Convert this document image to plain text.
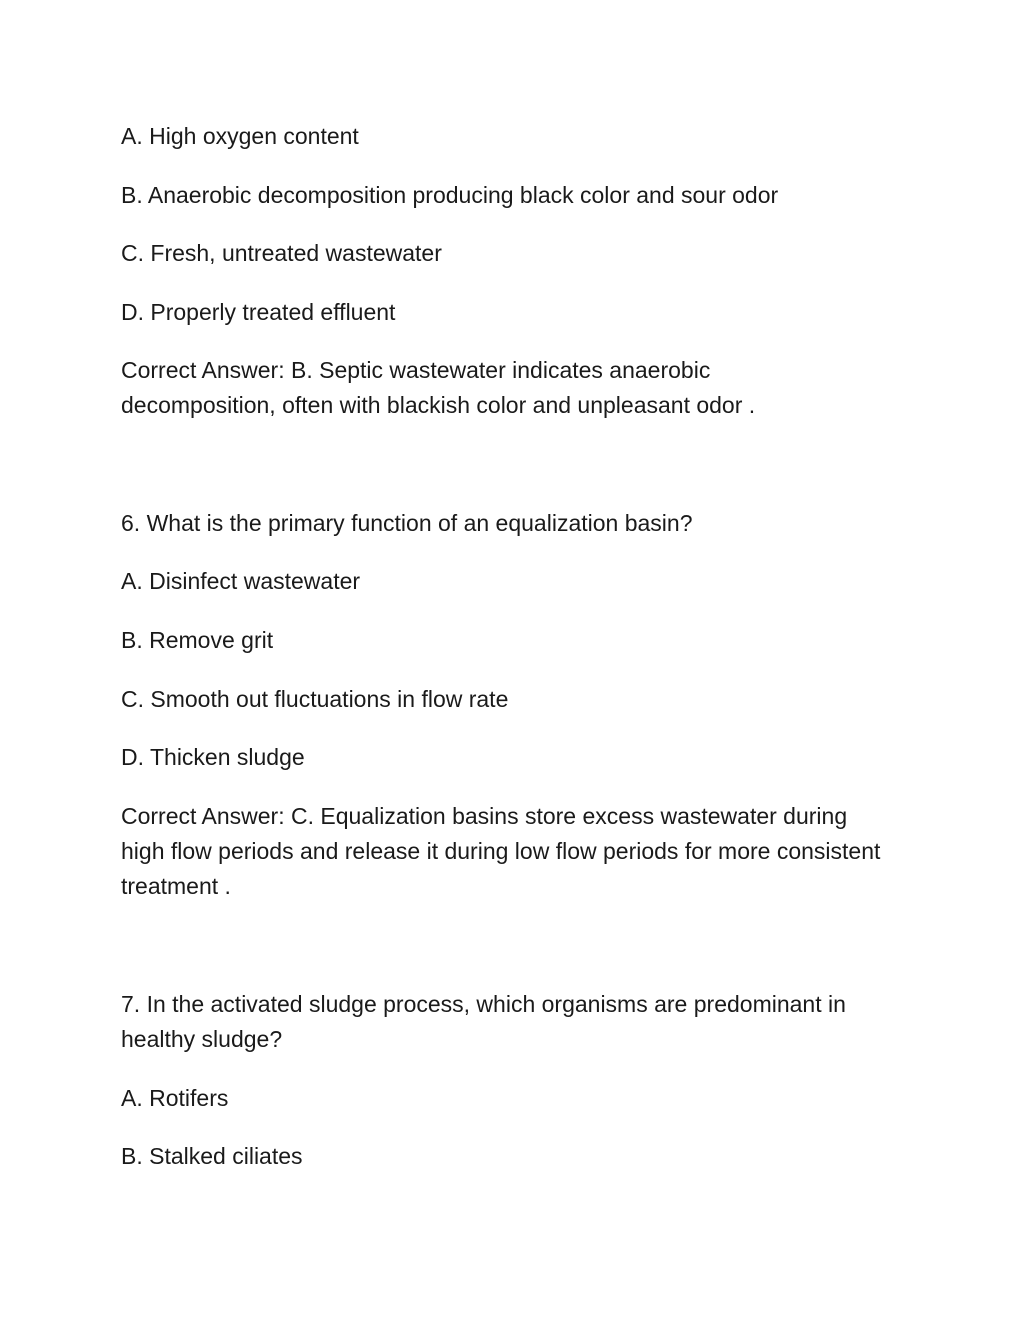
A. High oxygen content

B. Anaerobic decomposition producing black color and sour odor

C. Fresh, untreated wastewater

D. Properly treated effluent

Correct Answer: B. Septic wastewater indicates anaerobic decomposition, often with blackish color and unpleasant odor .

6. What is the primary function of an equalization basin?

A. Disinfect wastewater

B. Remove grit

C. Smooth out fluctuations in flow rate

D. Thicken sludge

Correct Answer: C. Equalization basins store excess wastewater during high flow periods and release it during low flow periods for more consistent treatment .

7. In the activated sludge process, which organisms are predominant in healthy sludge?

A. Rotifers

B. Stalked ciliates
